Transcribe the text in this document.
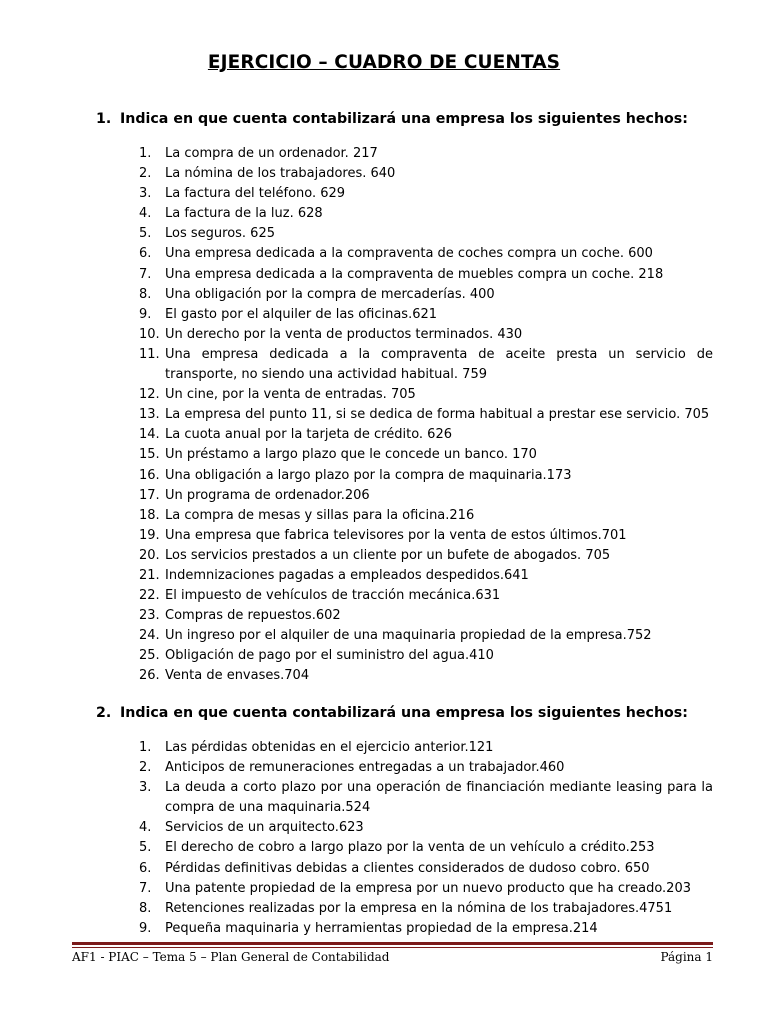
EJERCICIO – CUADRO DE CUENTAS

1. Indica en que cuenta contabilizará una empresa los siguientes hechos:

1. La compra de un ordenador. 217
2. La nómina de los trabajadores. 640
3. La factura del teléfono. 629
4. La factura de la luz. 628
5. Los seguros. 625
6. Una empresa dedicada a la compraventa de coches compra un coche. 600
7. Una empresa dedicada a la compraventa de muebles compra un coche. 218
8. Una obligación por la compra de mercaderías. 400
9. El gasto por el alquiler de las oficinas.621
10. Un derecho por la venta de productos terminados. 430
11. Una empresa dedicada a la compraventa de aceite presta un servicio de transporte, no siendo una actividad habitual. 759
12. Un cine, por la venta de entradas. 705
13. La empresa del punto 11, si se dedica de forma habitual a prestar ese servicio. 705
14. La cuota anual por la tarjeta de crédito. 626
15. Un préstamo a largo plazo que le concede un banco. 170
16. Una obligación a largo plazo por la compra de maquinaria.173
17. Un programa de ordenador.206
18. La compra de mesas y sillas para la oficina.216
19. Una empresa que fabrica televisores por la venta de estos últimos.701
20. Los servicios prestados a un cliente por un bufete de abogados. 705
21. Indemnizaciones pagadas a empleados despedidos.641
22. El impuesto de vehículos de tracción mecánica.631
23. Compras de repuestos.602
24. Un ingreso por el alquiler de una maquinaria propiedad de la empresa.752
25. Obligación de pago por el suministro del agua.410
26. Venta de envases.704

2. Indica en que cuenta contabilizará una empresa los siguientes hechos:

1. Las pérdidas obtenidas en el ejercicio anterior.121
2. Anticipos de remuneraciones entregadas a un trabajador.460
3. La deuda a corto plazo por una operación de financiación mediante leasing para la compra de una maquinaria.524
4. Servicios de un arquitecto.623
5. El derecho de cobro a largo plazo por la venta de un vehículo a crédito.253
6. Pérdidas definitivas debidas a clientes considerados de dudoso cobro. 650
7. Una patente propiedad de la empresa por un nuevo producto que ha creado.203
8. Retenciones realizadas por la empresa en la nómina de los trabajadores.4751
9. Pequeña maquinaria y herramientas propiedad de la empresa.214
AF1 - PIAC – Tema 5 – Plan General de Contabilidad	Página 1
